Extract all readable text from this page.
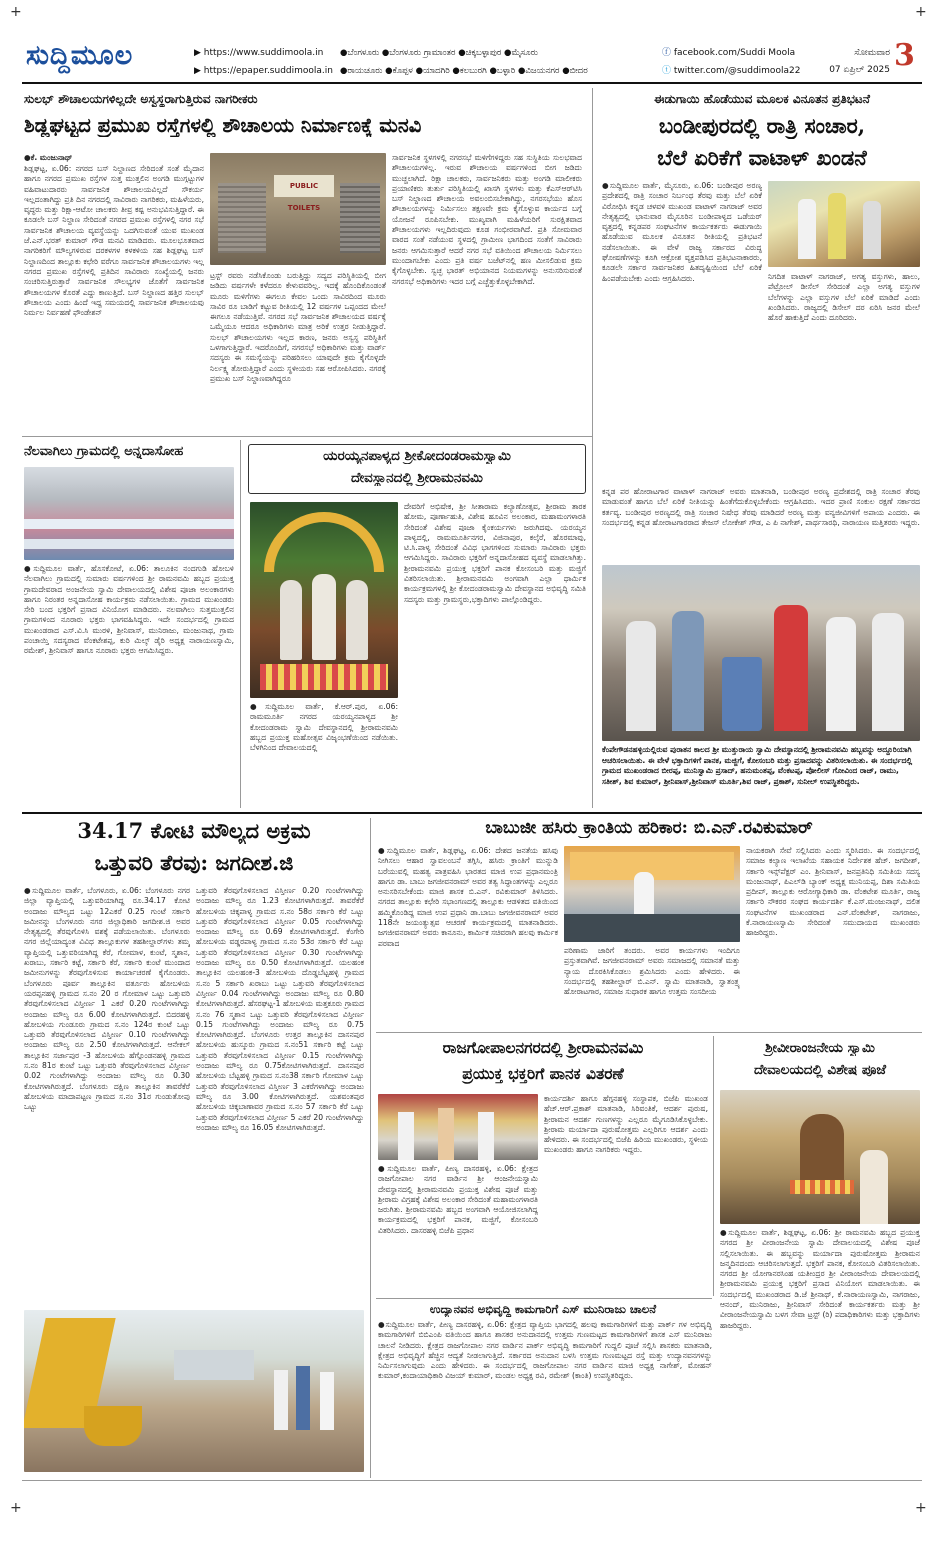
+	+
+	+
ಸುದ್ದಿಮೂಲ	▶ https://www.suddimoola.in
▶ https://epaper.suddimoola.in
●ಬೆಂಗಳೂರು ●ಬೆಂಗಳೂರು ಗ್ರಾಮಾಂತರ ●ಚಿಕ್ಕಬಳ್ಳಾಪುರ ●ಮೈಸೂರು
●ರಾಯಚೂರು ●ಕೊಪ್ಪಳ ●ಯಾದಗಿರಿ ●ಕಲಬುರಗಿ ●ಬಳ್ಳಾರಿ ●ವಿಜಯನಗರ ●ಬೀದರ
ⓕ facebook.com/Suddi Moola
ⓣ twitter.com/@suddimoola22
ಸೋಮವಾರ
07 ಏಪ್ರಿಲ್ 2025 3
ಸುಲಭ್ ಶೌಚಾಲಯಗಳಿಲ್ಲದೇ ಅಸ್ವಸ್ಥರಾಗುತ್ತಿರುವ ನಾಗರೀಕರು
ಶಿಡ್ಲಘಟ್ಟದ ಪ್ರಮುಖ ರಸ್ತೆಗಳಲ್ಲಿ ಶೌಚಾಲಯ ನಿರ್ಮಾಣಕ್ಕೆ ಮನವಿ
●ಕೆ. ಮಂಜುನಾಥ್
ಶಿಡ್ಲಘಟ್ಟ, ಏ.06: ನಗರದ ಬಸ್ ನಿಲ್ದಾಣದ ಸೇರಿದಂತೆ ಸಂತೆ ಮೈದಾನ ಹಾಗೂ ನಗರದ ಪ್ರಮುಖ ರಸ್ತೆಗಳ ಸುತ್ತ ಮುತ್ತಲಿನ ಅಂಗಡಿ ಮುಗ್ಗಟ್ಟುಗಳ ವಹಿವಾಟುದಾರರು ಸಾರ್ವಜನಿಕ ಶೌಚಾಲಯವಿಲ್ಲದೆ ಸೌಕರ್ಯ ಇಲ್ಲದಂತಾಗಿದ್ದು ಪ್ರತಿ ದಿನ ನಗರದಲ್ಲಿ ಸಾವಿರಾರು ನಾಗರಿಕರು, ಮಹಿಳೆಯರು, ವೃದ್ಧರು ಮತ್ತು ರಿಕ್ಷಾ-ಆಟೋ ಚಾಲಕರು ತೀವ್ರ ಕಷ್ಟ ಅನುಭವಿಸುತ್ತಿದ್ದಾರೆ. ಈ ಕೂಡಲೇ ಬಸ್ ನಿಲ್ದಾಣ ಸೇರಿದಂತೆ ನಗರದ ಪ್ರಮುಖ ರಸ್ತೆಗಳಲ್ಲಿ ನಗರ ಸಭೆ ಸಾರ್ವಜನಿಕ ಶೌಚಾಲಯ ವ್ಯವಸ್ಥೆಯನ್ನು ಒದಗಿಸುವಂತೆ ಯುವ ಮುಖಂಡ ಜೆ.ಎನ್.ಭರತ್ ಕುಮಾರ್ ಗೌಡ ಮನವಿ ಮಾಡಿದರು. ಮೂಲಭೂತವಾದ ನಾಗರಿಕರಿಗೆ ಮೌಲ್ಯಗಳಿರುವ ದರಕಳಗಳ ಕಳಕಳಿಯ ಸಹ ಶಿಡ್ಲಘಟ್ಟ ಬಸ್ ನಿಲ್ದಾಣದಿಂದ ತಾಲ್ಲೂಕು ಕಛೇರಿ ವರೆಗೂ ಸಾರ್ವಜನಿಕ ಶೌಚಾಲಯಗಳು ಇಲ್ಲ ನಗರದ ಪ್ರಮುಖ ರಸ್ತೆಗಳಲ್ಲಿ ಪ್ರತಿದಿನ ಸಾವಿರಾರು ಸಂಖ್ಯೆಯಲ್ಲಿ ಜನರು ಸಂಚರಿಸುತ್ತಿರುತ್ತಾರೆ ಸಾರ್ವಜನಿಕ ಸೌಲಭ್ಯಗಳ ಜೊತೆಗೆ ಸಾರ್ವಜನಿಕ ಶೌಚಾಲಯಗಳ ಕೊರತೆ ಎದ್ದು ಕಾಣುತ್ತಿದೆ. ಬಸ್ ನಿಲ್ದಾಣದ ಹತ್ತಿರ ಸುಲಭ್ ಶೌಚಾಲಯ ಎಂದು ಹಿಂದೆ ಇದ್ದ ಸಮಯದಲ್ಲಿ ಸಾರ್ವಜನಿಕ ಶೌಚಾಲಯವು ನಿರ್ಮಲ ನಿರ್ವಹಣೆ ಫೌಂಡೇಶನ್
PUBLIC TOILETS
ಟ್ರಸ್ಟ್ ರವರು ನಡೆಸಿಕೊಂಡು ಬರುತ್ತಿದ್ದು ಸದ್ಯದ ಪರಿಸ್ಥಿತಿಯಲ್ಲಿ ಬೀಗ ಜಡಿದು ವರ್ಷಗಳೇ ಕಳೆದರೂ ಕೇಳುವವರಿಲ್ಲ. ಇದಕ್ಕೆ ಹೊಂದಿಕೊಂಡಂತೆ ಮೂರು ಮಳಿಗೆಗಳು ಈಗಲೂ ಕೇವಲ ಒಂದು ಸಾವಿರದಿಂದ ಮೂರು ಸಾವಿರ ರೂ ಬಾಡಿಗೆ ಕಟ್ಟುವ ರೀತಿಯಲ್ಲಿ 12 ವರ್ಷಗಳ ಒಪ್ಪಂದದ ಮೇಲೆ ಈಗಲೂ ನಡೆಯುತ್ತಿವೆ. ನಗರದ ಸಭೆ ಸಾರ್ವಜನಿಕ ಶೌಚಾಲಯದ ವರ್ಷಕ್ಕೆ ಒಮ್ಮೆಯೂ ಆದರೂ ಅಧಿಕಾರಿಗಳು ಮಾತ್ರ ಅರಿಕೆ ಉತ್ತರ ನೀಡುತ್ತಿದ್ದಾರೆ. ಸುಲಭ್ ಶೌಚಾಲಯಗಳು ಇಲ್ಲದ ಕಾರಣ, ಜನರು ಅಸ್ವಸ್ಥ ಪರಿಸ್ಥಿತಿಗೆ ಒಳಗಾಗುತ್ತಿದ್ದಾರೆ. ಇದರೊಂದಿಗೆ, ನಗರಸಭೆ ಅಧಿಕಾರಿಗಳು ಮತ್ತು ವಾರ್ಡ್ ಸದಸ್ಯರು ಈ ಸಮಸ್ಯೆಯನ್ನು ಪರಿಹರಿಸಲು ಯಾವುದೇ ಕ್ರಮ ಕೈಗೊಳ್ಳದೇ ನಿರ್ಲಕ್ಷ್ಯ ತೋರುತ್ತಿದ್ದಾರೆ ಎಂದು ಸ್ಥಳೀಯರು ಸಹ ಆರೋಪಿಸಿದರು. ನಗರಕ್ಕೆ ಪ್ರಮುಖ ಬಸ್ ನಿಲ್ದಾಣವಾಗಿದ್ದರೂ
ಸಾರ್ವಜನಿಕ ಸ್ಥಳಗಳಲ್ಲಿ ನಗರಸಭೆ ಮಳಿಗೆಗಳಿದ್ದರು ಸಹ ಸುಸ್ಥಿತಿಯ ಸುಲಭವಾದ ಶೌಚಾಲಯಗಳಿಲ್ಲ. ಇರುವ ಶೌಚಾಲಯ ವರ್ಷಗಳಿಂದ ಬೀಗ ಜಡಿದು ಮುಚ್ಚಲಾಗಿದೆ. ರಿಕ್ಷಾ ಚಾಲಕರು, ಸಾರ್ವಜನಿಕರು ಮತ್ತು ಅಂಗಡಿ ಮಾಲೀಕರು ಪ್ರಯಾಣಿಕರು ತುರ್ತು ಪರಿಸ್ಥಿತಿಯಲ್ಲಿ ಖಾಸಗಿ ಸ್ಥಳಗಳು ಮತ್ತು ಕೆಎಸ್‌ಆರ್‌ಟಿಸಿ ಬಸ್ ನಿಲ್ದಾಣದ ಶೌಚಾಲಯ ಅವಲಂಬಿಸಬೇಕಾಗಿದ್ದು, ನಗರಸಭೆಯು ಹೊಸ ಶೌಚಾಲಯಗಳನ್ನು ನಿರ್ಮಿಸಲು ತಕ್ಷಣವೇ ಕ್ರಮ ಕೈಗೊಳ್ಳುವ ಕಾರ್ಯದ ಬಗ್ಗೆ ಯೋಜನೆ ರೂಪಿಸಬೇಕು. ಮುಖ್ಯವಾಗಿ ಮಹಿಳೆಯರಿಗೆ ಸುರಕ್ಷಿತವಾದ ಶೌಚಾಲಯಗಳು ಇಲ್ಲದಿರುವುದು ಕೂಡ ಗಂಭೀರವಾಗಿದೆ. ಪ್ರತಿ ಸೋಮವಾರ ವಾರದ ಸಂತೆ ನಡೆಯುವ ಸ್ಥಳದಲ್ಲಿ ಗ್ರಾಮೀಣ ಭಾಗದಿಂದ ಸಂತೆಗೆ ಸಾವಿರಾರು ಜನರು ಆಗಮಿಸುತ್ತಾರೆ ಆದರೆ ನಗರ ಸಭೆ ವತಿಯಿಂದ ಶೌಚಾಲಯ ನಿರ್ಮಿಸಲು ಮುಂದಾಗಬೇಕು ಎಂದು ಪ್ರತಿ ವರ್ಷ ಬಜೆಟ್‌ನಲ್ಲಿ ಹಣ ಮೀಸಲಿಡುವ ಕ್ರಮ ಕೈಗೊಳ್ಳಬೇಕು. ಸ್ವಚ್ಛ ಭಾರತ್ ಅಭಿಯಾನದ ನಿಯಮಗಳನ್ನು ಅನುಸರಿಸುವಂತೆ ನಗರಸಭೆ ಅಧಿಕಾರಿಗಳು ಇದರ ಬಗ್ಗೆ ಎಚ್ಚೆತ್ತುಕೊಳ್ಳಬೇಕಾಗಿದೆ.
ಈಡುಗಾಯಿ ಹೊಡೆಯುವ ಮೂಲಕ ವಿನೂತನ ಪ್ರತಿಭಟನೆ
ಬಂಡೀಪುರದಲ್ಲಿ ರಾತ್ರಿ ಸಂಚಾರ,
ಬೆಲೆ ಏರಿಕೆಗೆ ವಾಟಾಳ್ ಖಂಡನೆ
●ಸುದ್ದಿಮೂಲ ವಾರ್ತೆ, ಮೈಸೂರು, ಏ.06: ಬಂಡೀಪುರ ಅರಣ್ಯ ಪ್ರದೇಶದಲ್ಲಿ ರಾತ್ರಿ ಸಂಚಾರ ನಿರ್ಬಂಧ ತೆರವು ಮತ್ತು ಬೆಲೆ ಏರಿಕೆ ವಿರೋಧಿಸಿ ಕನ್ನಡ ಚಳವಳಿ ಮುಖಂಡ ವಾಟಾಳ್ ನಾಗರಾಜ್ ಅವರ ನೇತೃತ್ವದಲ್ಲಿ ಭಾನುವಾರ ಮೈಸೂರಿನ ಬಂಡೀಪಾಳ್ಯದ ಒಡೆಯರ್ ವೃತ್ತದಲ್ಲಿ ಕನ್ನಡಪರ ಸಂಘಟನೆಗಳ ಕಾರ್ಯಕರ್ತರು ಈಡುಗಾಯಿ ಹೊಡೆಯುವ ಮೂಲಕ ವಿನೂತನ ರೀತಿಯಲ್ಲಿ ಪ್ರತಿಭಟನೆ ನಡೆಸಲಾಯಿತು. ಈ ವೇಳೆ ರಾಜ್ಯ ಸರ್ಕಾರದ ವಿರುದ್ಧ ಘೋಷಣೆಗಳನ್ನು ಕೂಗಿ ಆಕ್ರೋಶ ವ್ಯಕ್ತಪಡಿಸಿದ ಪ್ರತಿಭಟನಾಕಾರರು, ಕೂಡಲೇ ಸರ್ಕಾರ ಸಾರ್ವಜನಿಕರ ಹಿತದೃಷ್ಟಿಯಿಂದ ಬೆಲೆ ಏರಿಕೆ ಹಿಂಪಡೆಯಬೇಕು ಎಂದು ಆಗ್ರಹಿಸಿದರು.	ನಿಗದಿತ ವಾಟಾಳ್ ನಾಗರಾಜ್, ಅಗತ್ಯ ವಸ್ತುಗಳು, ಹಾಲು, ಪೆಟ್ರೋಲ್ ಡೀಸೆಲ್ ಸೇರಿದಂತೆ ಎಲ್ಲಾ ಅಗತ್ಯ ವಸ್ತುಗಳ ಬೆಲೆಗಳನ್ನು ಎಲ್ಲಾ ವಸ್ತುಗಳ ಬೆಲೆ ಏರಿಕೆ ಮಾಡಿದೆ ಎಂದು ಖಂಡಿಸಿದರು. ರಾಜ್ಯದಲ್ಲಿ ಡಿಸೇಲ್ ದರ ಏರಿಸಿ ಜನರ ಮೇಲೆ ಹೊರೆ ಹಾಕುತ್ತಿದೆ ಎಂದು ದೂರಿದರು.
ಕನ್ನಡ ಪರ ಹೋರಾಟಗಾರ ವಾಟಾಳ್ ನಾಗರಾಜ್ ಅವರು ಮಾತನಾಡಿ, ಬಂಡೀಪುರ ಅರಣ್ಯ ಪ್ರದೇಶದಲ್ಲಿ ರಾತ್ರಿ ಸಂಚಾರ ತೆರವು ಮಾಡುವಂತೆ ಹಾಗೂ ಬೆಲೆ ಏರಿಕೆ ನೀತಿಯನ್ನು ಹಿಂತೆಗೆದುಕೊಳ್ಳಬೇಕೆಂದು ಆಗ್ರಹಿಸಿದರು. ಇದರ ಪ್ರಾಣಿ ಸಂಕುಲ ರಕ್ಷಣೆ ಸರ್ಕಾರದ ಕರ್ತವ್ಯ. ಬಂಡೀಪುರ ಅರಣ್ಯದಲ್ಲಿ ರಾತ್ರಿ ಸಂಚಾರ ನಿಷೇಧ ತೆರವು ಮಾಡಿದರೆ ಅರಣ್ಯ ಮತ್ತು ವನ್ಯಜೀವಿಗಳಿಗೆ ಅಪಾಯ ಎಂದರು. ಈ ಸಂದರ್ಭದಲ್ಲಿ ಕನ್ನಡ ಹೋರಾಟಗಾರರಾದ ತೇಜಸ್ ಲೋಕೇಶ್ ಗೌಡ, ಎ ಪಿ ನಾಗೇಶ್, ಪಾರ್ಥಸಾರಥಿ, ನಾರಾಯಣ ಮತ್ತಿತರರು ಇದ್ದರು.
ಕೆಂಪೇಗೌಡನಹಳ್ಳಿಯಲ್ಲಿರುವ ಪುರಾತನ ಕಾಲದ ಶ್ರೀ ಮುತ್ತುರಾಯ ಸ್ವಾಮಿ ದೇವಸ್ಥಾನದಲ್ಲಿ ಶ್ರೀರಾಮನವಮಿ ಹಬ್ಬವನ್ನು ಅದ್ದೂರಿಯಾಗಿ ಆಚರಿಸಲಾಯಿತು. ಈ ವೇಳೆ ಭಕ್ತಾದಿಗಳಿಗೆ ಪಾನಕ, ಮಜ್ಜಿಗೆ, ಕೋಸಂಬರಿ ಮತ್ತು ಪ್ರಸಾದವನ್ನು ವಿತರಿಸಲಾಯಿತು. ಈ ಸಂದರ್ಭದಲ್ಲಿ ಗ್ರಾಮದ ಮುಖಂಡರಾದ ಬೀರಪ್ಪ, ಮುನಿಸ್ವಾಮಿ ಪ್ರಸಾದ್, ಹನುಮಂತಪ್ಪ, ವೆಂಕಟಪ್ಪ, ಪೋಲೀಸ್ ಗೋವಿಂದ ರಾಜ್, ರಾಮು, ಸತೀಶ್, ಶಿವ ಕುಮಾರ್, ಶ್ರೀನಿವಾಸ್,ಶ್ರೀನಿವಾಸ್ ಮೂರ್ತಿ,ಶಿವ ರಾಜ್, ಪ್ರಕಾಶ್, ಸುನೀಲ್ ಉಪಸ್ಥಿತರಿದ್ದರು.
ನೆಲವಾಗಿಲು ಗ್ರಾಮದಲ್ಲಿ ಅನ್ನದಾಸೋಹ
●ಸುದ್ದಿಮೂಲ ವಾರ್ತೆ, ಹೊಸಕೋಟೆ, ಏ.06: ತಾಲೂಕಿನ ನಂದಗುಡಿ ಹೋಬಳಿ ನೆಲವಾಗಿಲು ಗ್ರಾಮದಲ್ಲಿ ಸುಮಾರು ವರ್ಷಗಳಿಂದ ಶ್ರೀ ರಾಮನವಮಿ ಹಬ್ಬದ ಪ್ರಯುಕ್ತ ಗ್ರಾಮದೇವರಾದ ಅಂಜನೇಯ ಸ್ವಾಮಿ ದೇವಾಲಯದಲ್ಲಿ ವಿಶೇಷ ಪೂಜಾ ಅಲಂಕಾರಗಳು ಹಾಗೂ ನಿರಂತರ ಅನ್ನದಾಸೋಹ ಕಾರ್ಯಕ್ರಮ ನಡೆಸಲಾಯಿತು. ಗ್ರಾಮದ ಮುಖಂಡರು ಸೇರಿ ಬಂದ ಭಕ್ತರಿಗೆ ಪ್ರಸಾದ ವಿನಿಯೋಗ ಮಾಡಿದರು. ನಲವಾಗಿಲು ಸುತ್ತಮುತ್ತಲಿನ ಗ್ರಾಮಗಳಿಂದ ನೂರಾರು ಭಕ್ತರು ಭಾಗವಹಿಸಿದ್ದರು. ಇದೇ ಸಂದರ್ಭದಲ್ಲಿ ಗ್ರಾಮದ ಮುಖಂಡರಾದ ಎಸ್.ವಿ.ಸಿ ಮುರಳಿ, ಶ್ರೀನಿವಾಸ್, ಮುನಿರಾಜು, ಮಂಜುನಾಥ, ಗ್ರಾಮ ಪಂಚಾಯ್ತಿ ಸದಸ್ಯರಾದ ವೆಂಕಟೇಶಪ್ಪ, ಕುರಿ ಮಿಲ್ಕ್ ಡೈರಿ ಅಧ್ಯಕ್ಷ ನಾರಾಯಣಸ್ವಾಮಿ, ರಮೇಶ್, ಶ್ರೀನಿವಾಸ್ ಹಾಗೂ ನೂರಾರು ಭಕ್ತರು ಆಗಮಿಸಿದ್ದರು.
ಯರಯ್ಯನಪಾಳ್ಯದ ಶ್ರೀಕೋದಂಡರಾಮಸ್ವಾಮಿ
ದೇವಸ್ಥಾನದಲ್ಲಿ ಶ್ರೀರಾಮನವಮಿ
●ಸುದ್ದಿಮೂಲ ವಾರ್ತೆ, ಕೆ.ಆರ್.ಪುರ, ಏ.06: ರಾಮಮೂರ್ತಿ ನಗರದ ಯರಯ್ಯನಪಾಳ್ಯದ ಶ್ರೀ ಕೋದಂಡರಾಮ ಸ್ವಾಮಿ ದೇವಸ್ಥಾನದಲ್ಲಿ ಶ್ರೀರಾಮನವಮಿ ಹಬ್ಬದ ಪ್ರಯುಕ್ತ ಮಹೋತ್ಸವ ವಿಜೃಂಭಣೆಯಿಂದ ನಡೆಯಿತು. ಬೆಳಗಿನಿಂದ ದೇವಾಲಯದಲ್ಲಿ
ದೇವರಿಗೆ ಅಭಿಷೇಕ, ಶ್ರೀ ಸೀತಾರಾಮ ಕಲ್ಯಾಣೋತ್ಸವ, ಶ್ರೀರಾಮ ತಾರಕ ಹೋಮ, ಪೂರ್ಣಾಹುತಿ, ವಿಶೇಷ ಹೂವಿನ ಅಲಂಕಾರ, ಮಹಾಮಂಗಳಾರತಿ ಸೇರಿದಂತೆ ವಿಶೇಷ ಪೂಜಾ ಕೈಂಕರ್ಯಗಳು ಜರುಗಿದವು. ಯರಯ್ಯನ ಪಾಳ್ಯದಲ್ಲಿ, ರಾಮಮೂರ್ತಿನಗರ, ವಿಜಿನಾಪುರ, ಕಲ್ಕೆರೆ, ಹೊರಮಾವು, ಟಿ.ಸಿ.ಪಾಳ್ಯ ಸೇರಿದಂತೆ ವಿವಿಧ ಭಾಗಗಳಿಂದ ಸುಮಾರು ಸಾವಿರಾರು ಭಕ್ತರು ಆಗಮಿಸಿದ್ದರು. ಸಾವಿರಾರು ಭಕ್ತರಿಗೆ ಅನ್ನದಾಸೋಹದ ವ್ಯವಸ್ಥೆ ಮಾಡಲಾಗಿತ್ತು. ಶ್ರೀರಾಮನವಮಿ ಪ್ರಯುಕ್ತ ಭಕ್ತರಿಗೆ ಪಾನಕ ಕೋಸಂಬರಿ ಮತ್ತು ಮಜ್ಜಿಗೆ ವಿತರಿಸಲಾಯಿತು. ಶ್ರೀರಾಮನವಮಿ ಅಂಗವಾಗಿ ಎಲ್ಲಾ ಧಾರ್ಮಿಕ ಕಾರ್ಯಕ್ರಮಗಳಲ್ಲಿ ಶ್ರೀ ಕೋದಂಡರಾಮಸ್ವಾಮಿ ದೇವಸ್ಥಾನದ ಅಭಿವೃದ್ಧಿ ಸಮಿತಿ ಸದಸ್ಯರು ಮತ್ತು ಗ್ರಾಮಸ್ಥರು,ಭಕ್ತಾದಿಗಳು ಪಾಲ್ಗೊಂಡಿದ್ದರು.
34.17 ಕೋಟಿ ಮೌಲ್ಯದ ಅಕ್ರಮ
ಒತ್ತುವರಿ ತೆರವು: ಜಗದೀಶ.ಜಿ
●ಸುದ್ದಿಮೂಲ ವಾರ್ತೆ, ಬೆಂಗಳೂರು, ಏ.06: ಬೆಂಗಳೂರು ನಗರ ಜಿಲ್ಲಾ ವ್ಯಾಪ್ತಿಯಲ್ಲಿ ಒತ್ತುವರಿಯಾಗಿದ್ದ ರೂ.34.17 ಕೋಟಿ ಅಂದಾಜು ಮೌಲ್ಯದ ಒಟ್ಟು 12ಎಕರೆ 0.25 ಗುಂಟೆ ಸರ್ಕಾರಿ ಜಮೀನನ್ನು ಬೆಂಗಳೂರು ನಗರ ಜಿಲ್ಲಾಧಿಕಾರಿ ಜಗದೀಶ.ಜಿ ಅವರ ನೇತೃತ್ವದಲ್ಲಿ ತೆರವುಗೊಳಿಸಿ ವಶಕ್ಕೆ ಪಡೆಯಲಾಯಿತು. ಬೆಂಗಳೂರು ನಗರ ಜಿಲ್ಲೆಯಾದ್ಯಂತ ವಿವಿಧ ತಾಲ್ಲೂಕುಗಳ ತಹಶೀಲ್ದಾರ್‌ಗಳು ತಮ್ಮ ವ್ಯಾಪ್ತಿಯಲ್ಲಿ ಒತ್ತುವರಿಯಾಗಿದ್ದ ಕೆರೆ, ಗೋಮಾಳ, ಕುಂಟೆ, ಸ್ಮಶಾನ, ಖರಾಬು, ಸರ್ಕಾರಿ ಕಟ್ಟೆ, ಸರ್ಕಾರಿ ಕೆರೆ, ಸರ್ಕಾರಿ ಕುಂಟೆ ಮುಂದಾದ ಜಮೀನುಗಳನ್ನು ತೆರವುಗೊಳಿಸುವ ಕಾರ್ಯಾಚರಣೆ ಕೈಗೊಂಡರು. ಬೆಂಗಳೂರು ಪೂರ್ವ ತಾಲ್ಲೂಕಿನ ವರ್ತೂರು ಹೋಬಳಿಯ ಯರಪ್ಪನಹಳ್ಳಿ ಗ್ರಾಮದ ಸ.ನಂ 20 ರ ಗೋಮಾಳ ಒಟ್ಟು ಒತ್ತುವರಿ ತೆರವುಗೊಳಿಸಲಾದ ವಿಸ್ತೀರ್ಣ 1 ಎಕರೆ 0.20 ಗುಂಟೆಗಳಾಗಿದ್ದು ಅಂದಾಜು ಮೌಲ್ಯ ರೂ 6.00 ಕೋಟಿಗಳಾಗಿರುತ್ತದೆ. ಬಿದರಹಳ್ಳಿ ಹೋಬಳಿಯ ಗುಂಡೂರು ಗ್ರಾಮದ ಸ.ನಂ 124ರ ಕುಂಟೆ ಒಟ್ಟು ಒತ್ತುವರಿ ತೆರವುಗೊಳಿಸಲಾದ ವಿಸ್ತೀರ್ಣ 0.10 ಗುಂಟೆಗಳಾಗಿದ್ದು ಅಂದಾಜು ಮೌಲ್ಯ ರೂ 2.50 ಕೋಟಿಗಳಾಗಿರುತ್ತದೆ. ಆನೇಕಲ್ ತಾಲ್ಲೂಕಿನ ಸರ್ಜಾಪುರ -3 ಹೋಬಳಿಯ ಹೆಗ್ಗೊಂಡನಹಳ್ಳಿ ಗ್ರಾಮದ ಸ.ನಂ 81ರ ಕುಂಟೆ ಒಟ್ಟು ಒತ್ತುವರಿ ತೆರವುಗೊಳಿಸಲಾದ ವಿಸ್ತೀರ್ಣ 0.02 ಗುಂಟೆಗಳಾಗಿದ್ದು ಅಂದಾಜು ಮೌಲ್ಯ ರೂ 0.30 ಕೋಟಿಗಳಾಗಿರುತ್ತದೆ. ಬೆಂಗಳೂರು ದಕ್ಷಿಣ ತಾಲ್ಲೂಕಿನ ತಾವರೆಕೆರೆ ಹೋಬಳಿಯ ಮಾದಾಪಟ್ಟಣ ಗ್ರಾಮದ ಸ.ನಂ 31ರ ಗುಂಡುತೋಪು ಒಟ್ಟು
ಒತ್ತುವರಿ ತೆರವುಗೊಳಿಸಲಾದ ವಿಸ್ತೀರ್ಣ 0.20 ಗುಂಟೆಗಳಾಗಿದ್ದು ಅಂದಾಜು ಮೌಲ್ಯ ರೂ 1.23 ಕೋಟಿಗಳಾಗಿರುತ್ತದೆ. ತಾವರೆಕೆರೆ ಹೋಬಳಿಯ ಚಿಕ್ಕಪಾಳ್ಯ ಗ್ರಾಮದ ಸ.ನಂ 58ರ ಸರ್ಕಾರಿ ಕೆರೆ ಒಟ್ಟು ಒತ್ತುವರಿ ತೆರವುಗೊಳಿಸಲಾದ ವಿಸ್ತೀರ್ಣ 0.05 ಗುಂಟೆಗಳಾಗಿದ್ದು ಅಂದಾಜು ಮೌಲ್ಯ ರೂ 0.69 ಕೋಟಿಗಳಾಗಿರುತ್ತದೆ. ಕೆಂಗೇರಿ ಹೋಬಳಿಯ ವಡ್ಡರಪಾಳ್ಯ ಗ್ರಾಮದ ಸ.ನಂ 53ರ ಸರ್ಕಾರಿ ಕೆರೆ ಒಟ್ಟು ಒತ್ತುವರಿ ತೆರವುಗೊಳಿಸಲಾದ ವಿಸ್ತೀರ್ಣ 0.30 ಗುಂಟೆಗಳಾಗಿದ್ದು ಅಂದಾಜು ಮೌಲ್ಯ ರೂ 0.50 ಕೋಟಿಗಳಾಗಿರುತ್ತದೆ. ಯಲಹಂಕ ತಾಲ್ಲೂಕಿನ ಯಲಹಂಕ-3 ಹೋಬಳಿಯ ದೊಡ್ಡಬೆಟ್ಟಹಳ್ಳಿ ಗ್ರಾಮದ ಸ.ನಂ 5 ಸರ್ಕಾರಿ ಖರಾಬು ಒಟ್ಟು ಒತ್ತುವರಿ ತೆರವುಗೊಳಿಸಲಾದ ವಿಸ್ತೀರ್ಣ 0.04 ಗುಂಟೆಗಳಾಗಿದ್ದು ಅಂದಾಜು ಮೌಲ್ಯ ರೂ 0.80 ಕೋಟಿಗಳಾಗಿರುತ್ತದೆ. ಹೆಸರಘಟ್ಟ-1 ಹೋಬಳಿಯ ಮತ್ತಕೂರು ಗ್ರಾಮದ ಸ.ನಂ 76 ಸ್ಮಶಾನ ಒಟ್ಟು ಒತ್ತುವರಿ ತೆರವುಗೊಳಿಸಲಾದ ವಿಸ್ತೀರ್ಣ 0.15 ಗುಂಟೆಗಳಾಗಿದ್ದು ಅಂದಾಜು ಮೌಲ್ಯ ರೂ 0.75 ಕೋಟಿಗಳಾಗಿರುತ್ತದೆ. ಬೆಂಗಳೂರು ಉತ್ತರ ತಾಲ್ಲೂಕಿನ ದಾಸನಪುರ ಹೋಬಳಿಯ ಹುಸ್ಕೂರು ಗ್ರಾಮದ ಸ.ನಂ51 ಸರ್ಕಾರಿ ಕಟ್ಟೆ ಒಟ್ಟು ಒತ್ತುವರಿ ತೆರವುಗೊಳಿಸಲಾದ ವಿಸ್ತೀರ್ಣ 0.15 ಗುಂಟೆಗಳಾಗಿದ್ದು ಅಂದಾಜು ಮೌಲ್ಯ ರೂ 0.75ಕೋಟಿಗಳಾಗಿರುತ್ತದೆ. ದಾಸನಪುರ ಹೋಬಳಿಯ ಬೆಟ್ಟಹಳ್ಳಿ ಗ್ರಾಮದ ಸ.ನಂ38 ಸರ್ಕಾರಿ ಗೋಮಾಳ ಒಟ್ಟು ಒತ್ತುವರಿ ತೆರವುಗೊಳಿಸಲಾದ ವಿಸ್ತೀರ್ಣ 3 ಎಕರೆಗಳಾಗಿದ್ದು ಅಂದಾಜು ಮೌಲ್ಯ ರೂ 3.00 ಕೋಟಿಗಳಾಗಿರುತ್ತದೆ. ಯಶವಂತಪುರ ಹೋಬಳಿಯ ಚಿಕ್ಕಬಾಣಾವರ ಗ್ರಾಮದ ಸ.ನಂ 57 ಸರ್ಕಾರಿ ಕೆರೆ ಒಟ್ಟು ಒತ್ತುವರಿ ತೆರವುಗೊಳಿಸಲಾದ ವಿಸ್ತೀರ್ಣ 5 ಎಕರೆ 20 ಗುಂಟೆಗಳಾಗಿದ್ದು ಅಂದಾಜು ಮೌಲ್ಯ ರೂ 16.05 ಕೋಟಿಗಳಾಗಿರುತ್ತದೆ.
ಬಾಬುಜೀ ಹಸಿರು ಕ್ರಾಂತಿಯ ಹರಿಕಾರ: ಬಿ.ಎನ್.ರವಿಕುಮಾರ್
●ಸುದ್ದಿಮೂಲ ವಾರ್ತೆ, ಶಿಡ್ಲಘಟ್ಟ, ಏ.06: ದೇಶದ ಜನತೆಯ ಹಸಿವು ನೀಗಿಸಲು ಆಹಾರ ಸ್ವಾವಲಂಬನೆ ತಗ್ಗಿಸಿ, ಹಸಿರು ಕ್ರಾಂತಿಗೆ ಮುನ್ನುಡಿ ಬರೆಯುವಲ್ಲಿ ಮಹತ್ವ ಪಾತ್ರವಹಿಸಿ ಭಾರತದ ಮಾಜಿ ಉಪ ಪ್ರಧಾನಮಂತ್ರಿ ಹಾಗೂ ಡಾ. ಬಾಬು ಜಗಜೀವನರಾಮ್ ಅವರ ತತ್ವ ಸಿದ್ಧಾಂತಗಳನ್ನು ಎಲ್ಲರೂ ಅನುಸರಿಸಬೇಕೆಂದು ಮಾಜಿ ಶಾಸಕ ಬಿ.ಎನ್. ರವಿಕುಮಾರ್ ತಿಳಿಸಿದರು. ನಗರದ ತಾಲ್ಲೂಕು ಕಛೇರಿ ಸಭಾಂಗಣದಲ್ಲಿ ತಾಲ್ಲೂಕು ಆಡಳಿತದ ವತಿಯಿಂದ ಹಮ್ಮಿಕೊಂಡಿದ್ದ ಮಾಜಿ ಉಪ ಪ್ರಧಾನಿ ಡಾ.ಬಾಬು ಜಗಜೀವನರಾಮ್ ಅವರ 118ನೇ ಜಯಂತ್ಯುತ್ಸವ ಆಚರಣೆ ಕಾರ್ಯಕ್ರಮದಲ್ಲಿ ಮಾತನಾಡಿದರು. ಜಗಜೀವನರಾಮ್ ಅವರು ಕಾನೂನು, ಕಾರ್ಮಿಕ ಸಚಿವರಾಗಿ ಹಲವು ಕಾರ್ಮಿಕ ಪರವಾದ
ಪರಿಣಾಮ ಜಾರಿಗೆ ತಂದರು. ಅವರ ಕಾರ್ಯಗಳು ಇಂದಿಗೂ ಪ್ರಸ್ತುತವಾಗಿವೆ. ಜಗಜೀವನರಾಮ್ ಅವರು ಸಮಾಜದಲ್ಲಿ ಸಮಾನತೆ ಮತ್ತು ನ್ಯಾಯ ದೊರಕಿಸಿಕೊಡಲು ಶ್ರಮಿಸಿದರು ಎಂದು ಹೇಳಿದರು. ಈ ಸಂದರ್ಭದಲ್ಲಿ ತಹಶೀಲ್ದಾರ್ ಬಿ.ಎನ್. ಸ್ವಾಮಿ ಮಾತನಾಡಿ, ಸ್ವಾತಂತ್ರ್ಯ ಹೋರಾಟಗಾರ, ಸಮಾಜ ಸುಧಾರಕ ಹಾಗೂ ಉತ್ತಮ ಸಂಸದೀಯ
ನಾಯಕರಾಗಿ ಸೇವೆ ಸಲ್ಲಿಸಿದರು ಎಂದು ಸ್ಮರಿಸಿದರು. ಈ ಸಂದರ್ಭದಲ್ಲಿ ಸಮಾಜ ಕಲ್ಯಾಣ ಇಲಾಖೆಯ ಸಹಾಯಕ ನಿರ್ದೇಶಕ ಹೆಚ್. ಜಗದೀಶ್, ಸರ್ಕಾರಿ ಇನ್ಸ್‌ಪೆಕ್ಟರ್ ಎಂ. ಶ್ರೀನಿವಾಸ್, ಜನಪ್ರತಿನಿಧಿ ಸಮಿತಿಯ ಸದಸ್ಯ ಮಂಜುನಾಥ್, ಪಿಎಲ್‌ಡಿ ಬ್ಯಾಂಕ್ ಅಧ್ಯಕ್ಷ ಮುನಿಯಪ್ಪ, ದಿಶಾ ಸಮಿತಿಯ ಪ್ರದೀಪ್, ತಾಲ್ಲೂಕು ಆರೋಗ್ಯಾಧಿಕಾರಿ ಡಾ. ವೆಂಕಟೇಶ ಮೂರ್ತಿ, ರಾಜ್ಯ ಸರ್ಕಾರಿ ನೌಕರರ ಸಂಘದ ಕಾರ್ಯದರ್ಶಿ ಕೆ.ಎಸ್.ಮಂಜುನಾಥ್, ದಲಿತ ಸಂಘಟನೆಗಳ ಮುಖಂಡರಾದ ಎನ್.ವೆಂಕಟೇಶ್, ನಾಗರಾಜು, ಕೆ.ನಾರಾಯಣಸ್ವಾಮಿ ಸೇರಿದಂತೆ ಸಮುದಾಯದ ಮುಖಂಡರು ಹಾಜರಿದ್ದರು.
ರಾಜಗೋಪಾಲನಗರದಲ್ಲಿ ಶ್ರೀರಾಮನವಮಿ
ಪ್ರಯುಕ್ತ ಭಕ್ತರಿಗೆ ಪಾನಕ ವಿತರಣೆ
●ಸುದ್ದಿಮೂಲ ವಾರ್ತೆ, ಪೀಣ್ಯ ದಾಸರಹಳ್ಳಿ, ಏ.06: ಕ್ಷೇತ್ರದ ರಾಜಗೋಪಾಲ ನಗರ ವಾರ್ಡಿನ ಶ್ರೀ ಆಂಜನೇಯಸ್ವಾಮಿ ದೇವಸ್ಥಾನದಲ್ಲಿ ಶ್ರೀರಾಮನವಮಿ ಪ್ರಯುಕ್ತ ವಿಶೇಷ ಪೂಜೆ ಮತ್ತು ಶ್ರೀರಾಮ ವಿಗ್ರಹಕ್ಕೆ ವಿಶೇಷ ಅಲಂಕಾರ ಸೇರಿದಂತೆ ಮಹಾಮಂಗಳಾರತಿ ಜರುಗಿತು. ಶ್ರೀರಾಮನವಮಿ ಹಬ್ಬದ ಅಂಗವಾಗಿ ಆಯೋಜಿಸಲಾಗಿದ್ದ ಕಾರ್ಯಕ್ರಮದಲ್ಲಿ ಭಕ್ತರಿಗೆ ಪಾನಕ, ಮಜ್ಜಿಗೆ, ಕೋಸಂಬರಿ ವಿತರಿಸಿದರು. ದಾಸರಹಳ್ಳಿ ಬಿಜೆಪಿ ಪ್ರಧಾನ
ಕಾರ್ಯದರ್ಶಿ ಹಾಗೂ ಹೆಗ್ಗನಹಳ್ಳಿ ಸಂಸ್ಥಾಪಕ, ಬಿಜೆಪಿ ಮುಖಂಡ ಹೆಚ್.ಆರ್.ಪ್ರಕಾಶ್ ಮಾತನಾಡಿ, ಸಿರಿವಂತಿಕೆ, ಆದರ್ಶ ಪುರುಷ, ಶ್ರೀರಾಮನ ಆದರ್ಶ ಗುಣಗಳನ್ನು ಎಲ್ಲರೂ ಮೈಗೂಡಿಸಿಕೊಳ್ಳಬೇಕು. ಶ್ರೀರಾಮ ಮರ್ಯಾದಾ ಪುರುಷೋತ್ತಮ ಎಲ್ಲರಿಗೂ ಆದರ್ಶ ಎಂದು ಹೇಳಿದರು. ಈ ಸಂದರ್ಭದಲ್ಲಿ ಬಿಜೆಪಿ ಹಿರಿಯ ಮುಖಂಡರು, ಸ್ಥಳೀಯ ಮುಖಂಡರು ಹಾಗೂ ನಾಗರಿಕರು ಇದ್ದರು.
ಶ್ರೀವೀರಾಂಜನೇಯ ಸ್ವಾಮಿ
ದೇವಾಲಯದಲ್ಲಿ ವಿಶೇಷ ಪೂಜೆ
●ಸುದ್ದಿಮೂಲ ವಾರ್ತೆ, ಶಿಡ್ಲಘಟ್ಟ, ಏ.06: ಶ್ರೀ ರಾಮನವಮಿ ಹಬ್ಬದ ಪ್ರಯುಕ್ತ ನಗರದ ಶ್ರೀ ವೀರಾಂಜನೇಯ ಸ್ವಾಮಿ ದೇವಾಲಯದಲ್ಲಿ ವಿಶೇಷ ಪೂಜೆ ಸಲ್ಲಿಸಲಾಯಿತು. ಈ ಹಬ್ಬವನ್ನು ಮರ್ಯಾದಾ ಪುರುಷೋತ್ತಮ ಶ್ರೀರಾಮನ ಜನ್ಮದಿನದಂದು ಆಚರಿಸಲಾಗುತ್ತದೆ. ಭಕ್ತರಿಗೆ ಪಾನಕ, ಕೋಸಂಬರಿ ವಿತರಿಸಲಾಯಿತು. ನಗರದ ಶ್ರೀ ಯೋಗಾನರಸಿಂಹ ಯತೀಂದ್ರರ ಶ್ರೀ ವೀರಾಂಜನೇಯ ದೇವಾಲಯದಲ್ಲಿ ಶ್ರೀರಾಮನವಮಿ ಪ್ರಯುಕ್ತ ಭಕ್ತರಿಗೆ ಪ್ರಸಾದ ವಿನಿಯೋಗ ಮಾಡಲಾಯಿತು. ಈ ಸಂದರ್ಭದಲ್ಲಿ ಮುಖಂಡರಾದ ಡಿ.ಜೆ ಶ್ರೀನಾಥ್, ಕೆ.ನಾರಾಯಣಸ್ವಾಮಿ, ನಾಗರಾಜು, ಆನಂದ್, ಮುನಿರಾಜು, ಶ್ರೀನಿವಾಸ್ ಸೇರಿದಂತೆ ಕಾರ್ಯಕರ್ತರು ಮತ್ತು ಶ್ರೀ ವೀರಾಂಜನೇಯಸ್ವಾಮಿ ಬಳಗ ಸೇವಾ ಟ್ರಸ್ಟ್ (ರಿ) ಪದಾಧಿಕಾರಿಗಳು ಮತ್ತು ಭಕ್ತಾದಿಗಳು ಹಾಜರಿದ್ದರು.
ಉದ್ಯಾನವನ ಅಭಿವೃದ್ಧಿ ಕಾಮಗಾರಿಗೆ ಎಸ್ ಮುನಿರಾಜು ಚಾಲನೆ
●ಸುದ್ದಿಮೂಲ ವಾರ್ತೆ, ಪೀಣ್ಯ ದಾಸರಹಳ್ಳಿ, ಏ.06: ಕ್ಷೇತ್ರದ ವ್ಯಾಪ್ತಿಯ ಭಾಗದಲ್ಲಿ ಹಲವು ಕಾಮಗಾರಿಗಳಿಗೆ ಮತ್ತು ಪಾರ್ಕ್ ಗಳ ಅಭಿವೃದ್ಧಿ ಕಾಮಗಾರಿಗಳಿಗೆ ಬಿಬಿಎಂಪಿ ವತಿಯಿಂದ ಹಾಗೂ ಶಾಸಕರ ಅನುದಾನದಲ್ಲಿ ಉತ್ತಮ ಗುಣಮಟ್ಟದ ಕಾಮಗಾರಿಗಳಿಗೆ ಶಾಸಕ ಎಸ್ ಮುನಿರಾಜು ಚಾಲನೆ ನೀಡಿದರು. ಕ್ಷೇತ್ರದ ರಾಜಗೋಪಾಲ ನಗರ ವಾರ್ಡಿನ ಪಾರ್ಕ್ ಅಭಿವೃದ್ಧಿ ಕಾಮಗಾರಿಗೆ ಗುದ್ದಲಿ ಪೂಜೆ ಸಲ್ಲಿಸಿ ಶಾಸಕರು ಮಾತನಾಡಿ, ಕ್ಷೇತ್ರದ ಅಭಿವೃದ್ಧಿಗೆ ಹೆಚ್ಚಿನ ಆದ್ಯತೆ ನೀಡಲಾಗುತ್ತಿದೆ. ಸರ್ಕಾರದ ಅನುದಾನ ಬಳಸಿ ಉತ್ತಮ ಗುಣಮಟ್ಟದ ರಸ್ತೆ ಮತ್ತು ಉದ್ಯಾನವನಗಳನ್ನು ನಿರ್ಮಿಸಲಾಗುವುದು ಎಂದು ಹೇಳಿದರು. ಈ ಸಂದರ್ಭದಲ್ಲಿ ರಾಜಗೋಪಾಲ ನಗರ ವಾರ್ಡಿನ ಮಾಜಿ ಅಧ್ಯಕ್ಷ ನಾಗೇಶ್, ಮೋಹನ್ ಕುಮಾರ್,ಕಂದಾಯಾಧಿಕಾರಿ ವಿಜಯ್ ಕುಮಾರ್, ಮಂಡಲ ಅಧ್ಯಕ್ಷ ರವಿ, ರಮೇಶ್ (ಕಾಂತಿ) ಉಪಸ್ಥಿತರಿದ್ದರು.
